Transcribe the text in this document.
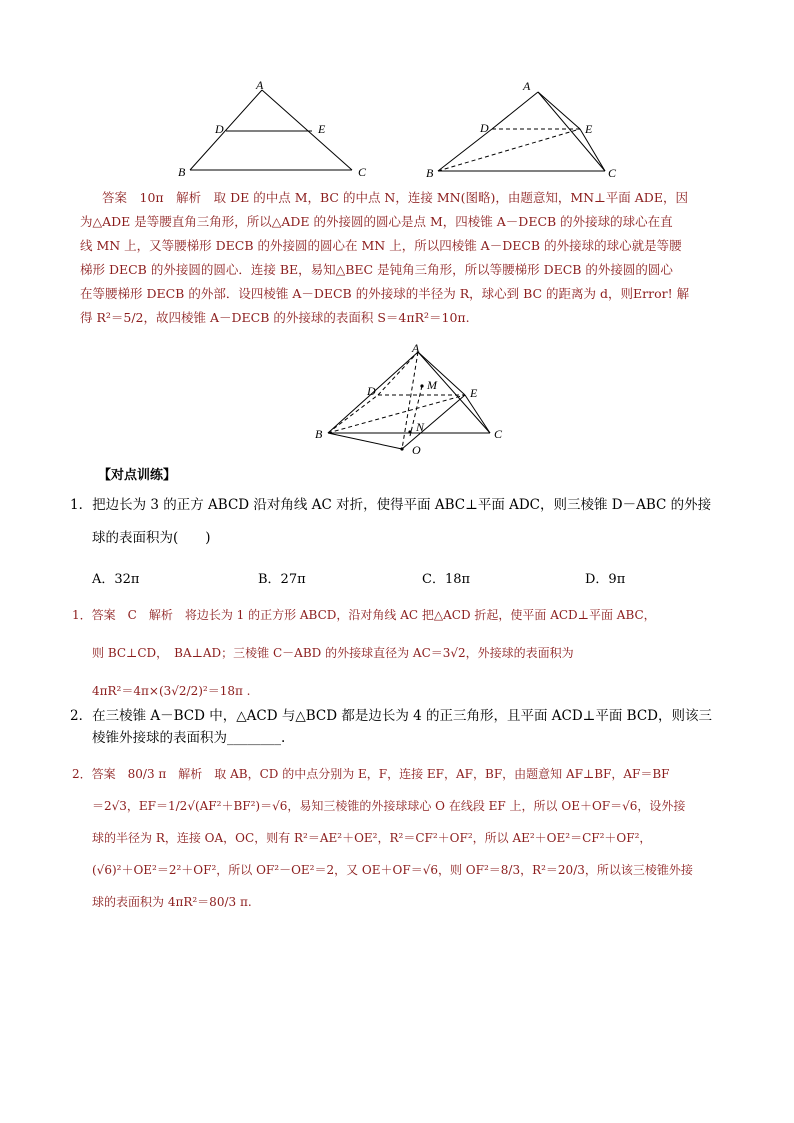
A
D	E
B	C
A
D	E
B	C

答案　10π　解析　取 DE 的中点 M，BC 的中点 N，连接 MN(图略)，由题意知，MN⊥平面 ADE，因

为△ADE 是等腰直角三角形，所以△ADE 的外接圆的圆心是点 M，四棱锥 A－DECB 的外接球的球心在直

线 MN 上，又等腰梯形 DECB 的外接圆的圆心在 MN 上，所以四棱锥 A－DECB 的外接球的球心就是等腰

梯形 DECB 的外接圆的圆心．连接 BE，易知△BEC 是钝角三角形，所以等腰梯形 DECB 的外接圆的圆心

在等腰梯形 DECB 的外部．设四棱锥 A－DECB 的外接球的半径为 R，球心到 BC 的距离为 d，则Error! 解

得 R²＝5/2，故四棱锥 A－DECB 的外接球的表面积 S＝4πR²＝10π.

A
D	M
E
N
B	C
O
【对点训练】
1．把边长为 3 的正方 ABCD 沿对角线 AC 对折，使得平面 ABC⊥平面 ADC，则三棱锥 D－ABC 的外接
球的表面积为(　　)
A．32π	B．27π	C．18π	D．9π

1．答案　C　解析　将边长为 1 的正方形 ABCD，沿对角线 AC 把△ACD 折起，使平面 ACD⊥平面 ABC，

则 BC⊥CD，　BA⊥AD；三棱锥 C－ABD 的外接球直径为 AC＝3√2，外接球的表面积为

4πR²＝4π×(3√2/2)²＝18π .

2．在三棱锥 A－BCD 中，△ACD 与△BCD 都是边长为 4 的正三角形，且平面 ACD⊥平面 BCD，则该三
棱锥外接球的表面积为________.

2．答案　80/3 π　解析　取 AB，CD 的中点分别为 E，F，连接 EF，AF，BF，由题意知 AF⊥BF，AF＝BF

＝2√3，EF＝1/2√(AF²＋BF²)＝√6，易知三棱锥的外接球球心 O 在线段 EF 上，所以 OE＋OF＝√6，设外接

球的半径为 R，连接 OA，OC，则有 R²＝AE²＋OE²，R²＝CF²＋OF²，所以 AE²＋OE²＝CF²＋OF²，

(√6)²＋OE²＝2²＋OF²，所以 OF²－OE²＝2，又 OE＋OF＝√6，则 OF²＝8/3，R²＝20/3，所以该三棱锥外接

球的表面积为 4πR²＝80/3 π.
